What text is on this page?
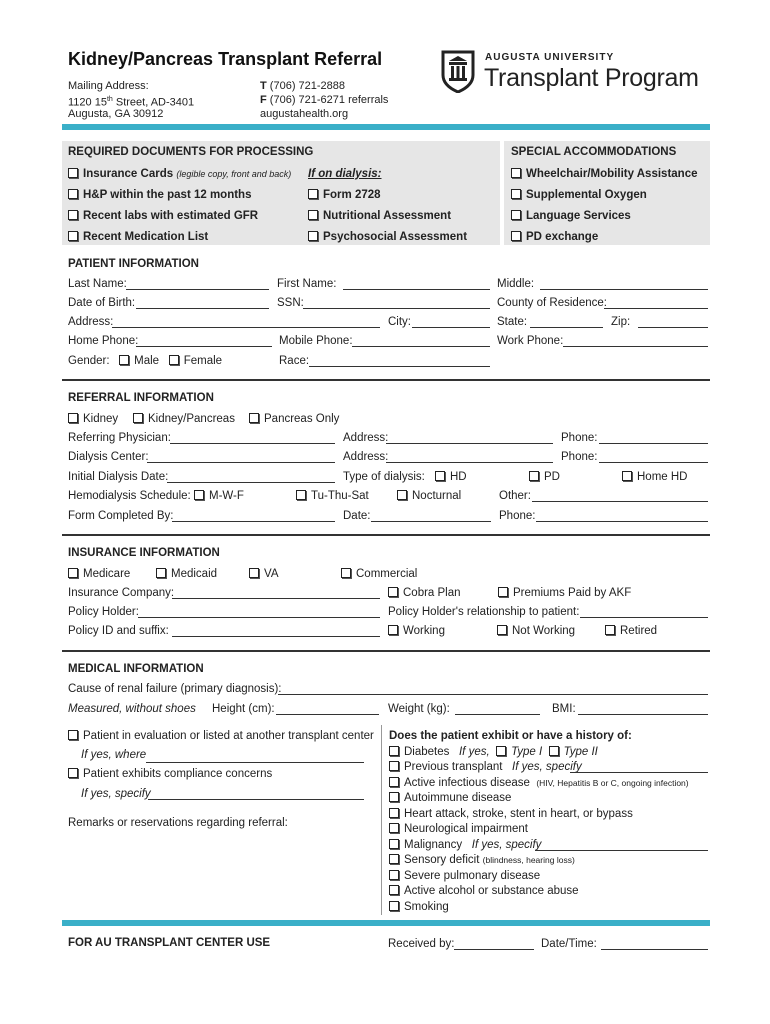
Kidney/Pancreas Transplant Referral
Mailing Address:
1120 15th Street, AD-3401
Augusta, GA 30912
T (706) 721-2888
F (706) 721-6271 referrals
augustahealth.org
AUGUSTA UNIVERSITY
Transplant Program
REQUIRED DOCUMENTS FOR PROCESSING
Insurance Cards (legible copy, front and back)
H&P within the past 12 months
Recent labs with estimated GFR
Recent Medication List
If on dialysis:
Form 2728
Nutritional Assessment
Psychosocial Assessment
SPECIAL ACCOMMODATIONS
Wheelchair/Mobility Assistance
Supplemental Oxygen
Language Services
PD exchange
PATIENT INFORMATION
Last Name:	First Name:	Middle:
Date of Birth:	SSN:	County of Residence:
Address:	City:	State:	Zip:
Home Phone:	Mobile Phone:	Work Phone:
Gender: Male Female	Race:
REFERRAL INFORMATION
Kidney	Kidney/Pancreas	Pancreas Only
Referring Physician:	Address:	Phone:
Dialysis Center:	Address:	Phone:
Initial Dialysis Date:	Type of dialysis:	HD	PD	Home HD
Hemodialysis Schedule:	M-W-F	Tu-Thu-Sat	Nocturnal	Other:
Form Completed By:	Date:	Phone:
INSURANCE INFORMATION
Medicare	Medicaid	VA	Commercial
Insurance Company:	Cobra Plan	Premiums Paid by AKF
Policy Holder:	Policy Holder's relationship to patient:
Policy ID and suffix:	Working	Not Working	Retired
MEDICAL INFORMATION
Cause of renal failure (primary diagnosis):
Measured, without shoes Height (cm):	Weight (kg):	BMI:
Patient in evaluation or listed at another transplant center
If yes, where
Patient exhibits compliance concerns
If yes, specify
Remarks or reservations regarding referral:
Does the patient exhibit or have a history of:
Diabetes If yes, Type I Type II
Previous transplant If yes, specify
Active infectious disease (HIV, Hepatitis B or C, ongoing infection)
Autoimmune disease
Heart attack, stroke, stent in heart, or bypass
Neurological impairment
Malignancy If yes, specify
Sensory deficit (blindness, hearing loss)
Severe pulmonary disease
Active alcohol or substance abuse
Smoking
FOR AU TRANSPLANT CENTER USE	Received by:	Date/Time:
